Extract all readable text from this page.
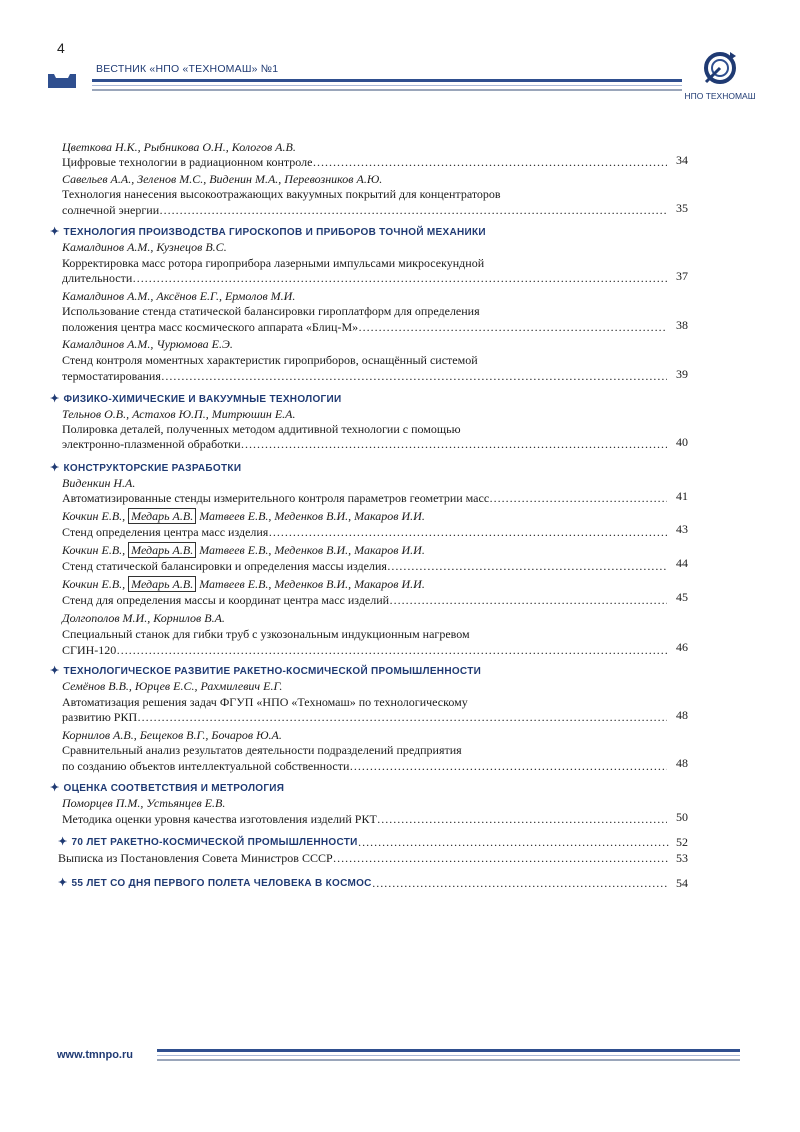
4
ВЕСТНИК «НПО «ТЕХНОМАШ» №1
НПО ТЕХНОМАШ
Цветкова Н.К., Рыбникова О.Н., Кологов А.В.
Цифровые технологии в радиационном контроле ……………………………………………………………………………………………………………………………………………………………………………………………………	34
Савельев А.А., Зеленов М.С., Виденин М.А., Перевозников А.Ю.
Технология нанесения высокоотражающих вакуумных покрытий для концентраторов
солнечной энергии ……………………………………………………………………………………………………………………………………………………………………………………………………	35
✦ ТЕХНОЛОГИЯ ПРОИЗВОДСТВА ГИРОСКОПОВ И ПРИБОРОВ ТОЧНОЙ МЕХАНИКИ
Камалдинов А.М., Кузнецов В.С.
Корректировка масс ротора гироприбора лазерными импульсами микросекундной
длительности ……………………………………………………………………………………………………………………………………………………………………………………………………	37
Камалдинов А.М., Аксёнов Е.Г., Ермолов М.И.
Использование стенда статической балансировки гироплатформ для определения
положения центра масс космического аппарата «Блиц-М» ……………………………………………………………………………………………………………………………………………………………………………………………………	38
Камалдинов А.М., Чурюмова Е.Э.
Стенд контроля моментных характеристик гироприборов, оснащённый системой
термостатирования ……………………………………………………………………………………………………………………………………………………………………………………………………	39
✦ ФИЗИКО-ХИМИЧЕСКИЕ И ВАКУУМНЫЕ ТЕХНОЛОГИИ
Тельнов О.В., Астахов Ю.П., Митрюшин Е.А.
Полировка деталей, полученных методом аддитивной технологии с помощью
электронно-плазменной обработки ……………………………………………………………………………………………………………………………………………………………………………………………………	40
✦ КОНСТРУКТОРСКИЕ РАЗРАБОТКИ
Виденкин Н.А.
Автоматизированные стенды измерительного контроля параметров геометрии масс ……………………………………………………………………………………………………………………………………………………………………………………………………	41
Кочкин Е.В., Медарь А.В. Матвеев Е.В., Меденков В.И., Макаров И.И.
Стенд определения центра масс изделия ……………………………………………………………………………………………………………………………………………………………………………………………………	43
Кочкин Е.В., Медарь А.В. Матвеев Е.В., Меденков В.И., Макаров И.И.
Стенд статической балансировки и определения массы изделия ……………………………………………………………………………………………………………………………………………………………………………………………………	44
Кочкин Е.В., Медарь А.В. Матвеев Е.В., Меденков В.И., Макаров И.И.
Стенд для определения массы и координат центра масс изделий ……………………………………………………………………………………………………………………………………………………………………………………………………	45
Долгополов М.И., Корнилов В.А.
Специальный станок для гибки труб с узкозональным индукционным нагревом
СГИН-120 ……………………………………………………………………………………………………………………………………………………………………………………………………	46
✦ ТЕХНОЛОГИЧЕСКОЕ РАЗВИТИЕ РАКЕТНО-КОСМИЧЕСКОЙ ПРОМЫШЛЕННОСТИ
Семёнов В.В., Юрцев Е.С., Рахмилевич Е.Г.
Автоматизация решения задач ФГУП «НПО «Техномаш» по технологическому
развитию РКП ……………………………………………………………………………………………………………………………………………………………………………………………………	48
Корнилов А.В., Бещеков В.Г., Бочаров Ю.А.
Сравнительный анализ результатов деятельности подразделений предприятия
по созданию объектов интеллектуальной собственности ……………………………………………………………………………………………………………………………………………………………………………………………………	48
✦ ОЦЕНКА СООТВЕТСТВИЯ И МЕТРОЛОГИЯ
Поморцев П.М., Устьянцев Е.В.
Методика оценки уровня качества изготовления изделий РКТ ……………………………………………………………………………………………………………………………………………………………………………………………………	50
✦ 70 ЛЕТ РАКЕТНО-КОСМИЧЕСКОЙ ПРОМЫШЛЕННОСТИ ……………………………………………………………………………………………………………………………………………………………………………………………………	52
Выписка из Постановления Совета Министров СССР ……………………………………………………………………………………………………………………………………………………………………………………………………	53
✦ 55 ЛЕТ СО ДНЯ ПЕРВОГО ПОЛЕТА ЧЕЛОВЕКА В КОСМОС ……………………………………………………………………………………………………………………………………………………………………………………………………	54
www.tmnpo.ru
